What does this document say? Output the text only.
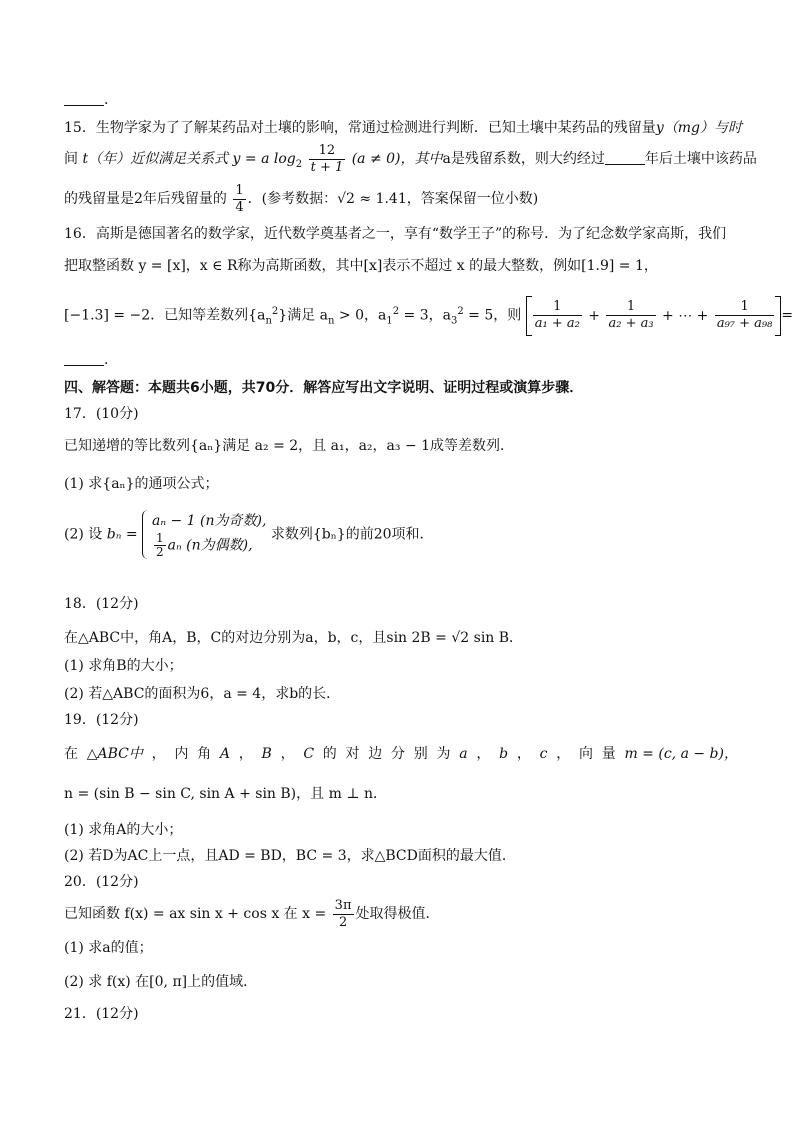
.
15．生物学家为了了解某药品对土壤的影响，常通过检测进行判断．已知土壤中某药品的残留量y（mg）与时
间 t（年）近似满足关系式 y = a $\log_2 \frac{12}{t + 1} (a \ne 0)$，其中a是残留系数，则大约经过	年后土壤中该药品
的残留量是2年后残留量的 $\frac{1}{4}$ ．(参考数据：√2 ≈ 1.41，答案保留一位小数)
16．高斯是德国著名的数学家，近代数学奠基者之一，享有“数学王子”的称号．为了纪念数学家高斯，我们
把取整函数 y = [x]，x ∈ R称为高斯函数，其中[x]表示不超过 x 的最大整数，例如[1.9] = 1，
[−1.3] = −2．已知等差数列$\{a_n^2\}$满足 $a_n > 0$，$a_1^2 = 3$，$a_3^2 = 5$，则 $\frac{1}{\text{a₁ + a₂}} + \frac{1}{\text{a₂ + a₃}}$ + ⋯ + $\frac{1}{\text{a₉₇ + a₉₈}}$ =
.
四、解答题：本题共6小题，共70分．解答应写出文字说明、证明过程或演算步骤．
17．(10分)
已知递增的等比数列{aₙ}满足 a₂ = 2，且 a₁，a₂，a₃ − 1成等差数列．
(1) 求{aₙ}的通项公式；
(2) 设 bₙ =
aₙ − 1 (n为奇数),
$\frac{1}{2}$ aₙ (n为偶数),
求数列{bₙ}的前20项和．
18．(12分)
在△ABC中，角A，B，C的对边分别为a，b，c，且sin 2B = √2 sin B．
(1) 求角B的大小；
(2) 若△ABC的面积为6，a = 4，求b的长．
19．(12分)
在 △ABC中 ， 内 角 A ， B ， C 的 对 边 分 别 为 a ， b ， c ， 向 量 m = (c, a − b)，
n = (sin B − sin C, sin A + sin B)，且 m ⊥ n．
(1) 求角A的大小；
(2) 若D为AC上一点，且AD = BD，BC = 3，求△BCD面积的最大值．
20．(12分)
已知函数 f(x) = ax sin x + cos x 在 $x = \frac{3\pi}{2}$ 处取得极值．
(1) 求a的值；
(2) 求 f(x) 在[0, π]上的值域．
21．(12分)
